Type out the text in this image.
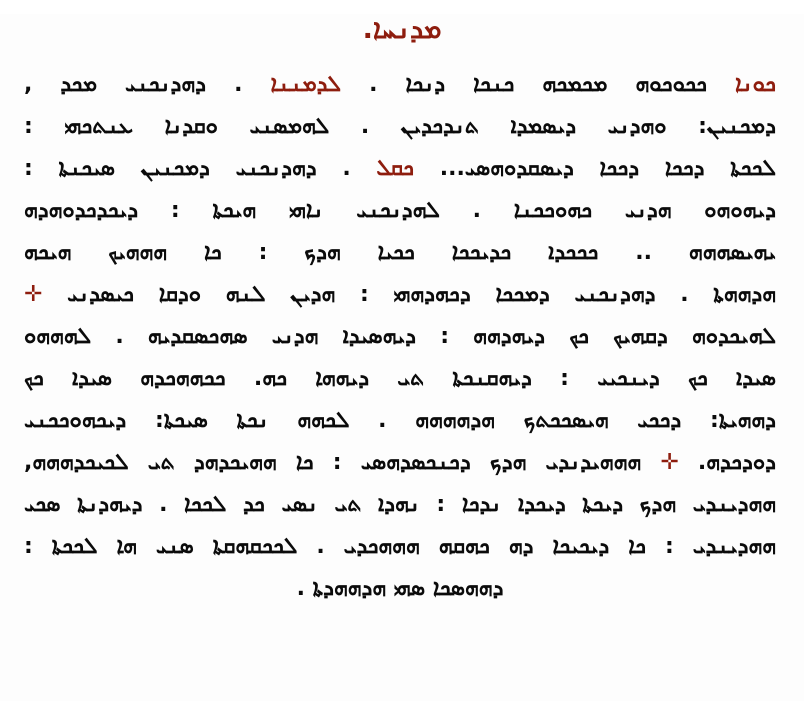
ܡܕܢܚܐ.
ܟܘܢܐ ܟܟܘܟܘܗ ܡܟܡܟܗ ܟܢܟܐ ܕܢܟܐ . ܠܕܡܢܢܐ . ܕܗܕܢܟܢܝ ܡܟܕ ,
ܕܡܟܢܝܢ: ܘܗܕܢܝ ܕܝܣܡܕܐ ܬܢܕܟܕܝܢ . ܠܗܡܣܢܝ ܘܩܕܢܐ ܥܢܬܟܗܝ :
ܠܟܟܬܐ ܕܟܟܐ ܕܟܟܐ ܕܝܣܩܕܘܗܣܝ... ܟܩܠ . ܕܗܕܢܟܢܝ ܕܡܟܢܝܢ ܣܝܟܢܬܐ :
ܕܝܗܘܗܘ ܗܕܢܝ ܟܗܘܟܟܢܐ . ܠܗܕܢܟܢܝ ܢܐܗܝ ܗܝܟܬܐ : ܕܝܟܕܟܕܘܗܕܗ
ܝܗܝܣܗܗܗ .. ܟܟܟܕܐ ܟܕܝܟܟܐ ܟܟܝܐ ܗܕܟ : ܟܐ ܗܗܗܝܟ ܗܝܟܗ
ܗܕܗܗܬܐ . ܕܗܕܢܟܢܝ ܕܡܟܟܐ ܕܟܗܕܗܗܝ : ܗܕܝܢ ܠܢܗ ܘܕܩܐ ܟܝܣܕܢܝ ✛
ܠܗܝܟܕܘܗ ܕܩܗܝܟ ܟܟ ܕܝܗܕܗܗ : ܕܝܗܣܝܕܐ ܗܕܢܝ ܣܗܟܣܩܕܝܗ . ܠܗܗܗܘ
ܣܝܕܐ ܟܟ ܕܝܢܟܝܝ : ܕܝܗܩܢܟܬܐ ܬܝ ܕܝܗܗܐ ܟܗ. ܟܟܗܗܟܕܗ ܣܝܕܐ ܟܟ
ܕܗܗܝܬܐ: ܕܟܟܝ ܗܝܣܟܟܬܟ ܗܕܗܗܗܗ . ܠܟܗܗ ܢܟܬܐ ܣܝܟܬܐ: ܕܝܟܗܘܟܟܢܝ
ܕܘܕܟܕܗ. ✛ ܗܗܗܝܕܢܕܝ ܗܕܟ ܕܟܢܟܣܕܗܣܝ : ܟܐ ܗܗܝܟܕܗܕ ܬܝ ܠܟܝܟܕܗܗܗ,
ܗܗܕܝܢܕܝ ܗܕܟ ܕܝܟܬܐ ܕܝܟܕܐ ܢܕܟܐ : ܢܗܕܐ ܬܝ ܢܣܝ ܟܕ ܠܟܟܐ . ܕܝܗܕܢܬܐ ܣܟܝ
ܗܗܕܝܢܕܝ : ܟܐ ܕܝܟܝܟܐ ܕܗ ܟܗܩܗ ܗܗܗܟܕܝ . ܠܟܟܩܗܩܬܐ ܣܢܝ ܗܐ ܠܟܟܬܐ :
ܕܗܗܣܟܐ ܣܗܝ ܗܕܗܗܕܬܐ .
